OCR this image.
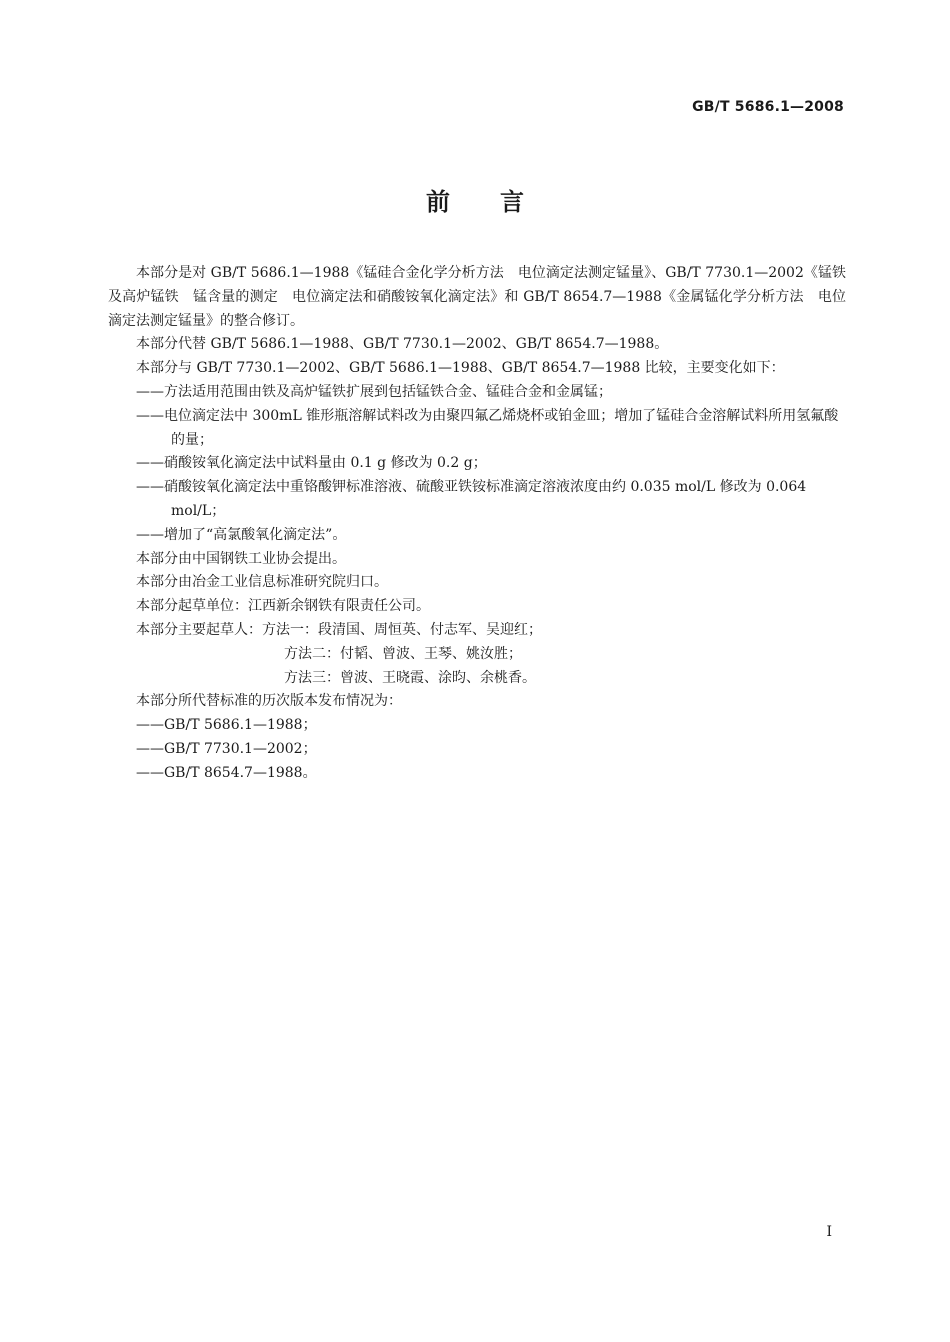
GB/T 5686.1—2008
前言

本部分是对 GB/T 5686.1—1988《锰硅合金化学分析方法　电位滴定法测定锰量》、GB/T 7730.1—2002《锰铁及高炉锰铁　锰含量的测定　电位滴定法和硝酸铵氧化滴定法》和 GB/T 8654.7—1988《金属锰化学分析方法　电位滴定法测定锰量》的整合修订。

本部分代替 GB/T 5686.1—1988、GB/T 7730.1—2002、GB/T 8654.7—1988。

本部分与 GB/T 7730.1—2002、GB/T 5686.1—1988、GB/T 8654.7—1988 比较，主要变化如下：

——方法适用范围由铁及高炉锰铁扩展到包括锰铁合金、锰硅合金和金属锰；

——电位滴定法中 300mL 锥形瓶溶解试料改为由聚四氟乙烯烧杯或铂金皿；增加了锰硅合金溶解试料所用氢氟酸的量；

——硝酸铵氧化滴定法中试料量由 0.1 g 修改为 0.2 g；

——硝酸铵氧化滴定法中重铬酸钾标准溶液、硫酸亚铁铵标准滴定溶液浓度由约 0.035 mol/L 修改为 0.064 mol/L；

——增加了“高氯酸氧化滴定法”。

本部分由中国钢铁工业协会提出。

本部分由冶金工业信息标准研究院归口。

本部分起草单位：江西新余钢铁有限责任公司。

本部分主要起草人：方法一：段清国、周恒英、付志军、吴迎红；

方法二：付韬、曾波、王琴、姚汝胜；

方法三：曾波、王晓霞、涂昀、余桃香。

本部分所代替标准的历次版本发布情况为：

——GB/T 5686.1—1988；

——GB/T 7730.1—2002；

——GB/T 8654.7—1988。

I
